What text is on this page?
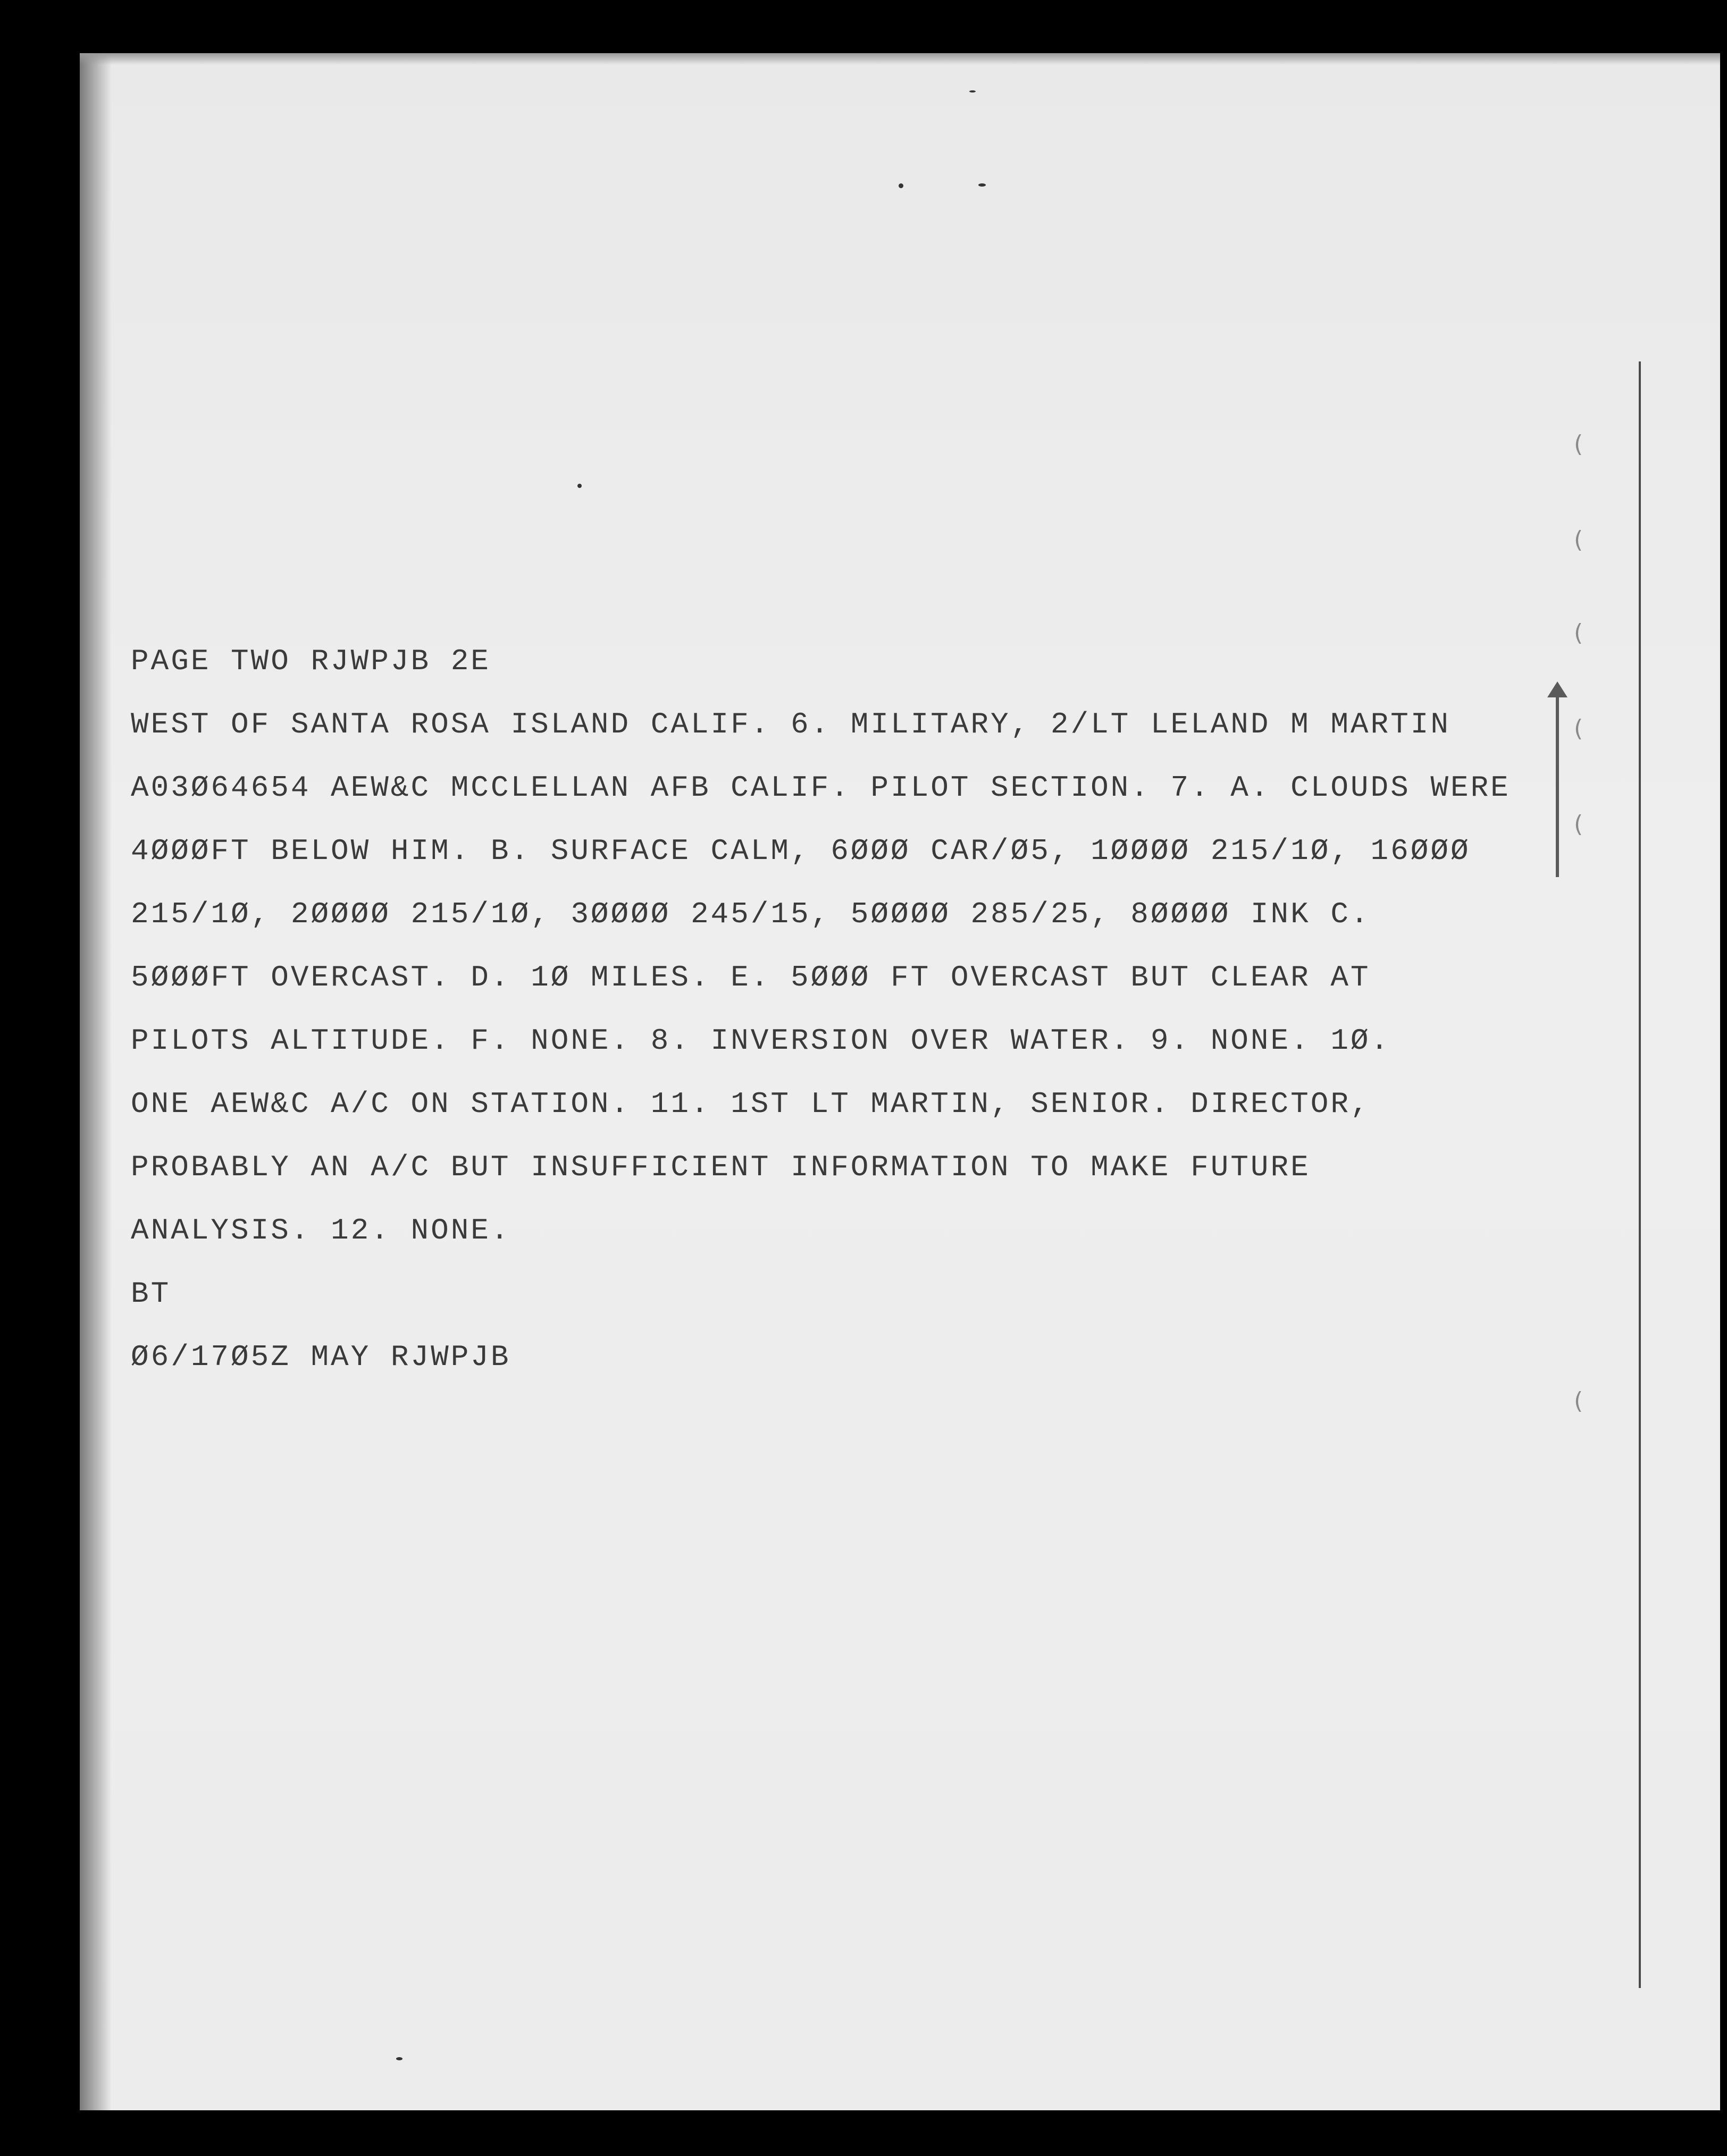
(
(
(
(
(
(
PAGE TWO RJWPJB 2E
WEST OF SANTA ROSA ISLAND CALIF. 6. MILITARY, 2/LT LELAND M MARTIN
A03Ø64654 AEW&C MCCLELLAN AFB CALIF. PILOT SECTION. 7. A. CLOUDS WERE
4ØØØFT BELOW HIM. B. SURFACE CALM, 6ØØØ CAR/Ø5, 1ØØØØ 215/1Ø, 16ØØØ
215/1Ø, 2ØØØØ 215/1Ø, 3ØØØØ 245/15, 5ØØØØ 285/25, 8ØØØØ INK C.
5ØØØFT OVERCAST. D. 1Ø MILES. E. 5ØØØ FT OVERCAST BUT CLEAR AT
PILOTS ALTITUDE. F. NONE. 8. INVERSION OVER WATER. 9. NONE. 1Ø.
ONE AEW&C A/C ON STATION. 11. 1ST LT MARTIN, SENIOR. DIRECTOR,
PROBABLY AN A/C BUT INSUFFICIENT INFORMATION TO MAKE FUTURE
ANALYSIS. 12. NONE.
BT
Ø6/17Ø5Z MAY RJWPJB
